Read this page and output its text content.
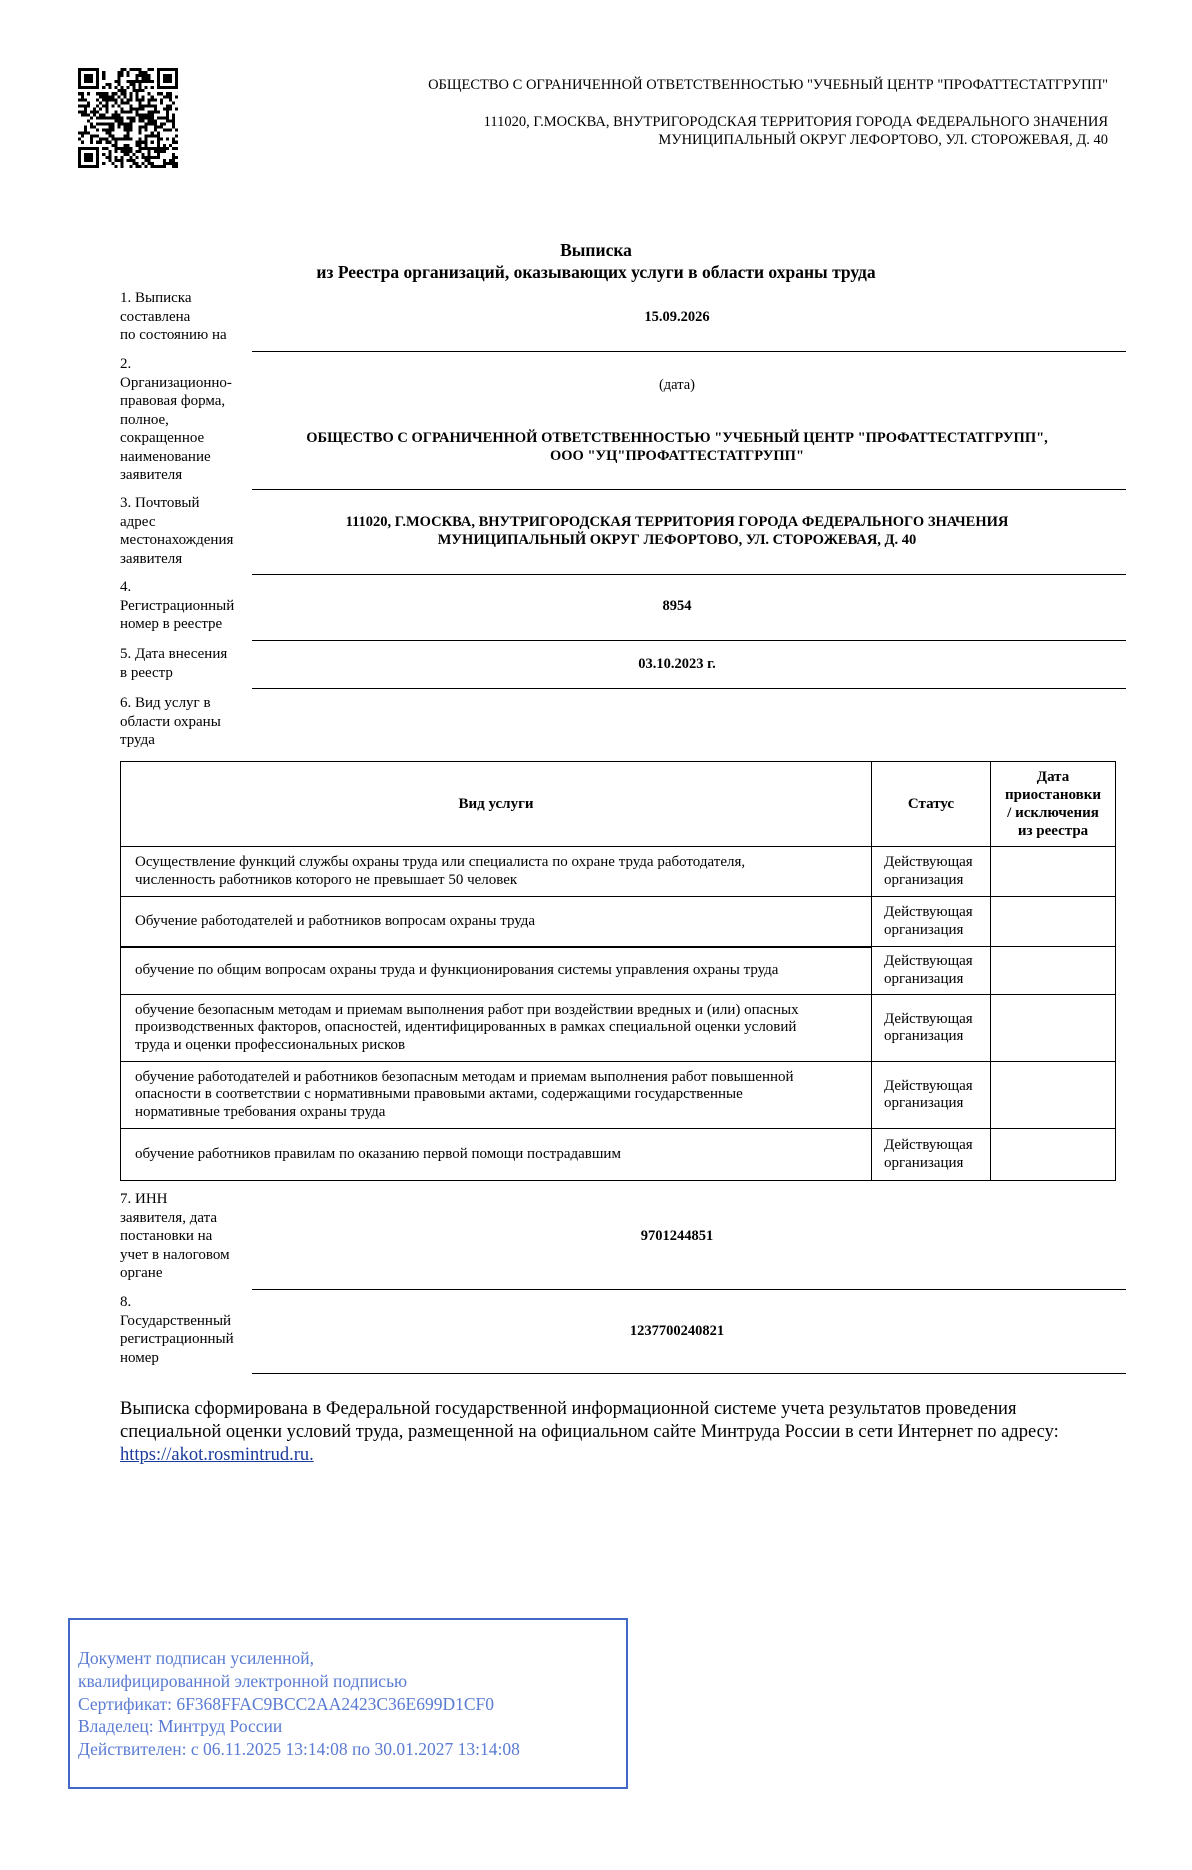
ОБЩЕСТВО С ОГРАНИЧЕННОЙ ОТВЕТСТВЕННОСТЬЮ "УЧЕБНЫЙ ЦЕНТР "ПРОФАТТЕСТАТГРУПП"
111020, Г.МОСКВА, ВНУТРИГОРОДСКАЯ ТЕРРИТОРИЯ ГОРОДА ФЕДЕРАЛЬНОГО ЗНАЧЕНИЯ
МУНИЦИПАЛЬНЫЙ ОКРУГ ЛЕФОРТОВО, УЛ. СТОРОЖЕВАЯ, Д. 40
Выписка
из Реестра организаций, оказывающих услуги в области охраны труда
1. Выписка
составлена
по состоянию на
15.09.2026
(дата)
2.
Организационно-
правовая форма,
полное,
сокращенное
наименование
заявителя
ОБЩЕСТВО С ОГРАНИЧЕННОЙ ОТВЕТСТВЕННОСТЬЮ "УЧЕБНЫЙ ЦЕНТР "ПРОФАТТЕСТАТГРУПП",
ООО "УЦ"ПРОФАТТЕСТАТГРУПП"
3. Почтовый
адрес
местонахождения
заявителя
111020, Г.МОСКВА, ВНУТРИГОРОДСКАЯ ТЕРРИТОРИЯ ГОРОДА ФЕДЕРАЛЬНОГО ЗНАЧЕНИЯ
МУНИЦИПАЛЬНЫЙ ОКРУГ ЛЕФОРТОВО, УЛ. СТОРОЖЕВАЯ, Д. 40
4.
Регистрационный
номер в реестре
8954
5. Дата внесения
в реестр
03.10.2023 г.
6. Вид услуг в
области охраны
труда
Вид услуги	Статус	Дата
приостановки
/ исключения
из реестра
Осуществление функций службы охраны труда или специалиста по охране труда работодателя,
численность работников которого не превышает 50 человек	Действующая
организация	
Обучение работодателей и работников вопросам охраны труда	Действующая
организация	
обучение по общим вопросам охраны труда и функционирования системы управления охраны труда	Действующая
организация	
обучение безопасным методам и приемам выполнения работ при воздействии вредных и (или) опасных
производственных факторов, опасностей, идентифицированных в рамках специальной оценки условий
труда и оценки профессиональных рисков	Действующая
организация	
обучение работодателей и работников безопасным методам и приемам выполнения работ повышенной
опасности в соответствии с нормативными правовыми актами, содержащими государственные
нормативные требования охраны труда	Действующая
организация	
обучение работников правилам по оказанию первой помощи пострадавшим	Действующая
организация	
7. ИНН
заявителя, дата
постановки на
учет в налоговом
органе
9701244851
8.
Государственный
регистрационный
номер
1237700240821
Выписка сформирована в Федеральной государственной информационной системе учета результатов проведения
специальной оценки условий труда, размещенной на официальном сайте Минтруда России в сети Интернет по адресу:
https://akot.rosmintrud.ru.
Документ подписан усиленной,
квалифицированной электронной подписью
Сертификат: 6F368FFAC9BCC2AA2423C36E699D1CF0
Владелец: Минтруд России
Действителен: с 06.11.2025 13:14:08 по 30.01.2027 13:14:08
